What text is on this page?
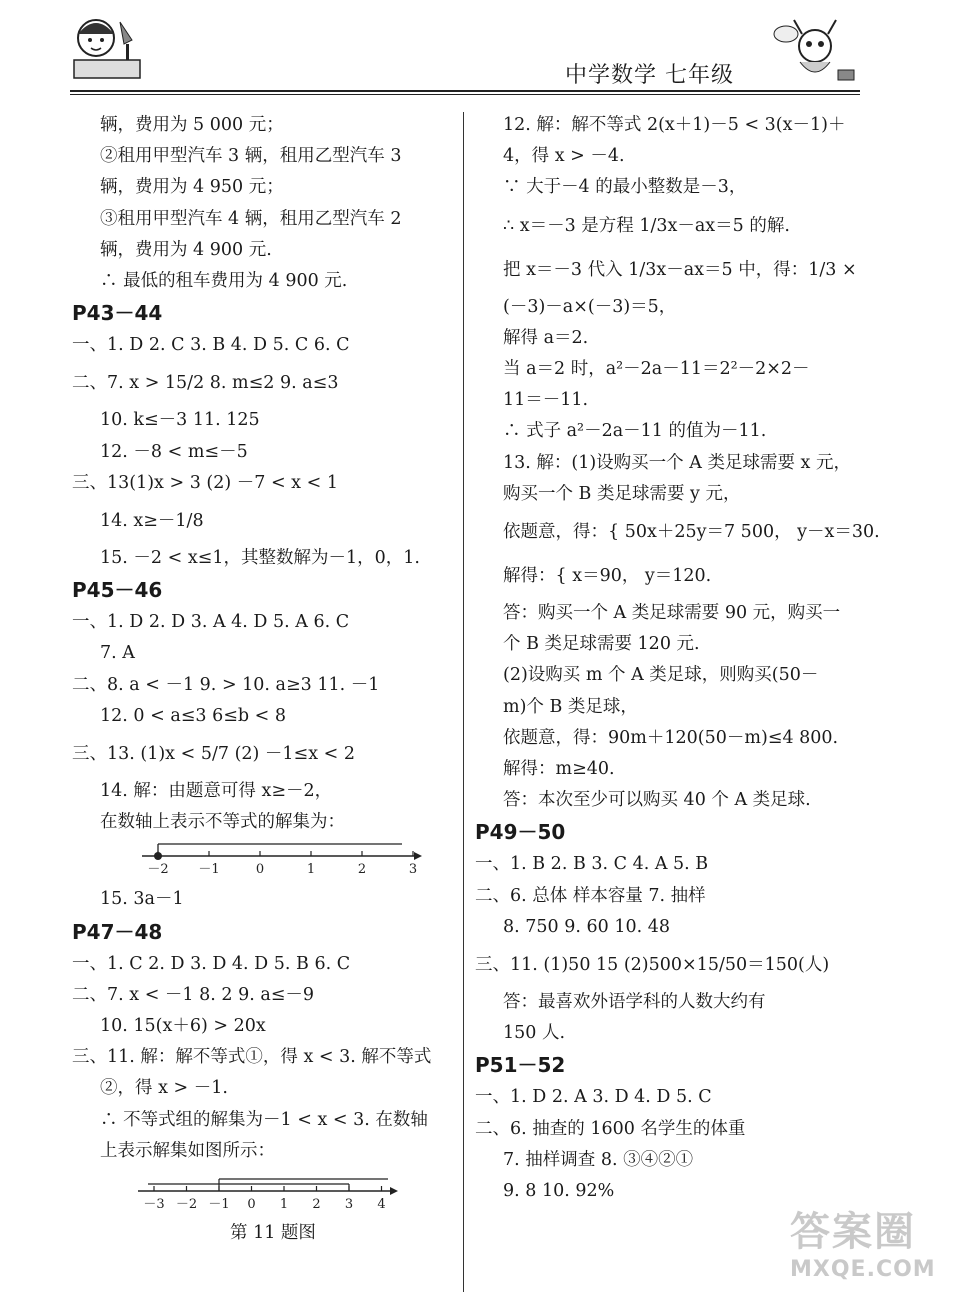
中学数学 七年级
辆，费用为 5 000 元；
②租用甲型汽车 3 辆，租用乙型汽车 3
辆，费用为 4 950 元；
③租用甲型汽车 4 辆，租用乙型汽车 2
辆，费用为 4 900 元.
∴ 最低的租车费用为 4 900 元.
P43－44
一、1. D 2. C 3. B 4. D 5. C 6. C
二、7. x > 15/2 8. m≤2 9. a≤3
10. k≤－3 11. 125
12. －8 < m≤－5
三、13(1)x > 3 (2) －7 < x < 1
14. x≥－1/8
15. －2 < x≤1，其整数解为－1，0，1.
P45－46
一、1. D 2. D 3. A 4. D 5. A 6. C
7. A
二、8. a < －1 9. > 10. a≥3 11. －1
12. 0 < a≤3 6≤b < 8
三、13. (1)x < 5/7 (2) －1≤x < 2
14. 解：由题意可得 x≥－2，
在数轴上表示不等式的解集为：
－2 －1	0	1	2	3
15. 3a－1
P47－48
一、1. C 2. D 3. D 4. D 5. B 6. C
二、7. x < －1 8. 2 9. a≤－9
10. 15(x＋6) > 20x
三、11. 解：解不等式①，得 x < 3. 解不等式
②，得 x > －1.
∴ 不等式组的解集为－1 < x < 3. 在数轴
上表示解集如图所示：
－3 －2 －1 0 1 2 3 4
第 11 题图
12. 解：解不等式 2(x＋1)－5 < 3(x－1)＋
4，得 x > －4.
∵ 大于－4 的最小整数是－3，
∴ x＝－3 是方程 1/3x－ax＝5 的解.
把 x＝－3 代入 1/3x－ax＝5 中，得：1/3 ×
(－3)－a×(－3)＝5，
解得 a＝2.
当 a＝2 时，a²－2a－11＝2²－2×2－
11＝－11.
∴ 式子 a²－2a－11 的值为－11.
13. 解：(1)设购买一个 A 类足球需要 x 元，
购买一个 B 类足球需要 y 元，
依题意，得：{ 50x＋25y＝7 500， y－x＝30.
解得：{ x＝90， y＝120.
答：购买一个 A 类足球需要 90 元，购买一
个 B 类足球需要 120 元.
(2)设购买 m 个 A 类足球，则购买(50－
m)个 B 类足球，
依题意，得：90m＋120(50－m)≤4 800.
解得：m≥40.
答：本次至少可以购买 40 个 A 类足球.
P49－50
一、1. B 2. B 3. C 4. A 5. B
二、6. 总体 样本容量 7. 抽样
8. 750 9. 60 10. 48
三、11. (1)50 15 (2)500×15/50＝150(人)
答：最喜欢外语学科的人数大约有
150 人.
P51－52
一、1. D 2. A 3. D 4. D 5. C
二、6. 抽查的 1600 名学生的体重
7. 抽样调查 8. ③④②①
9. 8 10. 92%
答案圈
MXQE.COM
